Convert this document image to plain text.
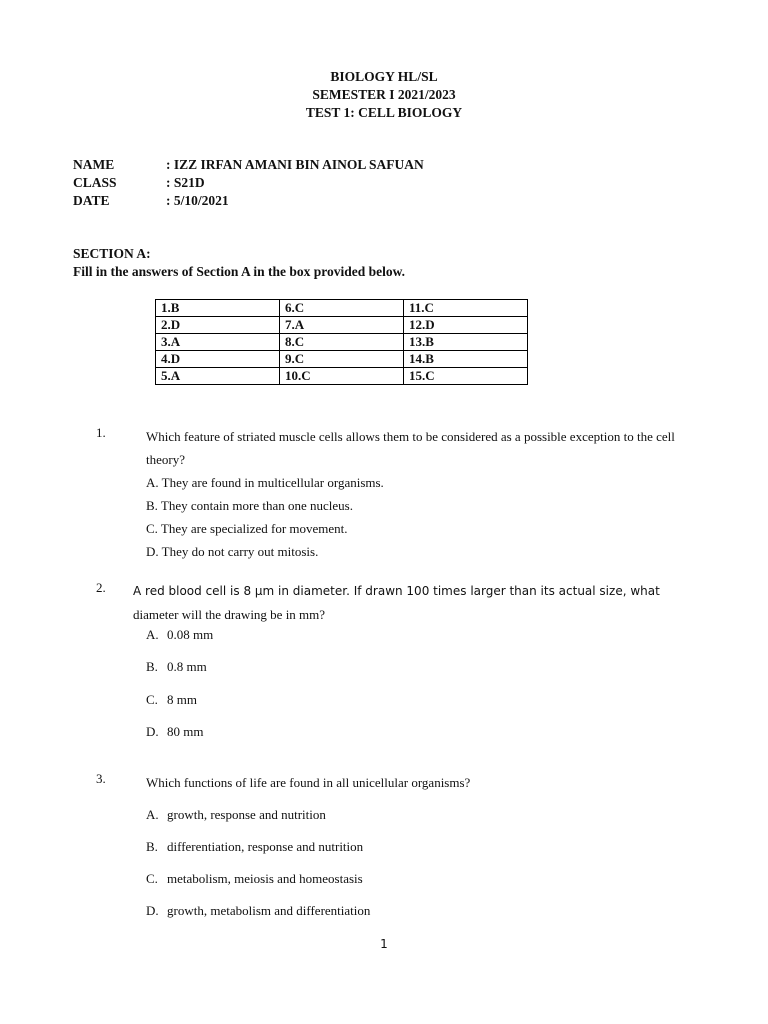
BIOLOGY HL/SL
SEMESTER I 2021/2023
TEST 1: CELL BIOLOGY
NAME	: IZZ IRFAN AMANI BIN AINOL SAFUAN
CLASS	: S21D
DATE	: 5/10/2021
SECTION A:
Fill in the answers of Section A in the box provided below.
1.B	6.C	11.C
2.D	7.A	12.D
3.A	8.C	13.B
4.D	9.C	14.B
5.A	10.C	15.C
1.	Which feature of striated muscle cells allows them to be considered as a possible exception to the cell theory?
A. They are found in multicellular organisms.
B. They contain more than one nucleus.
C. They are specialized for movement.
D. They do not carry out mitosis.
2. A red blood cell is 8 μm in diameter. If drawn 100 times larger than its actual size, what
diameter will the drawing be in mm?
A. 0.08 mm
B. 0.8 mm
C. 8 mm
D. 80 mm
3.	Which functions of life are found in all unicellular organisms?
A. growth, response and nutrition
B. differentiation, response and nutrition
C. metabolism, meiosis and homeostasis
D. growth, metabolism and differentiation
1
